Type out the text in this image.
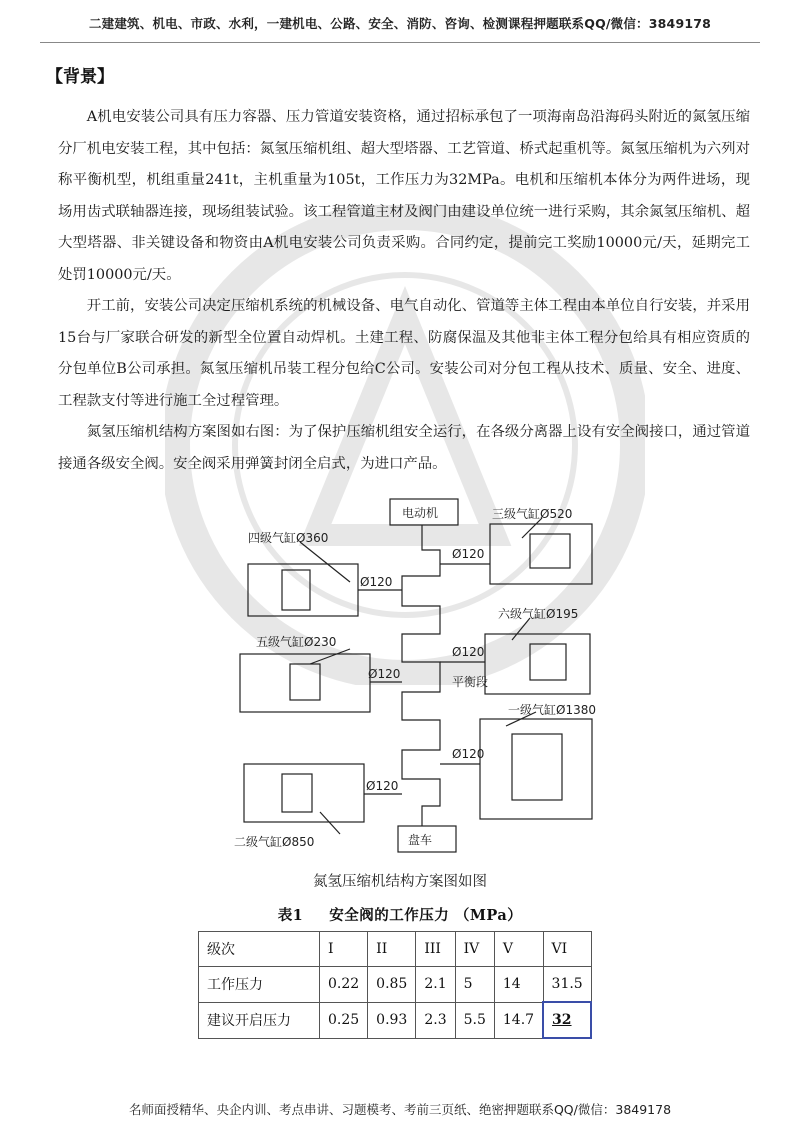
二建建筑、机电、市政、水利，一建机电、公路、安全、消防、咨询、检测课程押题联系QQ/微信：3849178
【背景】

A机电安装公司具有压力容器、压力管道安装资格，通过招标承包了一项海南岛沿海码头附近的氮氢压缩分厂机电安装工程，其中包括：氮氢压缩机组、超大型塔器、工艺管道、桥式起重机等。氮氢压缩机为六列对称平衡机型，机组重量241t，主机重量为105t，工作压力为32MPa。电机和压缩机本体分为两件进场，现场用齿式联轴器连接，现场组装试验。该工程管道主材及阀门由建设单位统一进行采购，其余氮氢压缩机、超大型塔器、非关键设备和物资由A机电安装公司负责采购。合同约定，提前完工奖励10000元/天，延期完工处罚10000元/天。

开工前，安装公司决定压缩机系统的机械设备、电气自动化、管道等主体工程由本单位自行安装，并采用15台与厂家联合研发的新型全位置自动焊机。土建工程、防腐保温及其他非主体工程分包给具有相应资质的分包单位B公司承担。氮氢压缩机吊装工程分包给C公司。安装公司对分包工程从技术、质量、安全、进度、工程款支付等进行施工全过程管理。

氮氢压缩机结构方案图如右图：为了保护压缩机组安全运行，在各级分离器上设有安全阀接口，通过管道接通各级安全阀。安全阀采用弹簧封闭全启式，为进口产品。

电动机
盘车
平衡段
四级气缸Ø360
五级气缸Ø230
二级气缸Ø850
三级气缸Ø520
六级气缸Ø195
一级气缸Ø1380
Ø120
Ø120
Ø120
Ø120
Ø120
Ø120
氮氢压缩机结构方案图如图
表1 安全阀的工作压力 （MPa）
级次	I	II	III	IV	V	VI
工作压力	0.22	0.85	2.1	5	14	31.5
建议开启压力	0.25	0.93	2.3	5.5	14.7	32
名师面授精华、央企内训、考点串讲、习题模考、考前三页纸、绝密押题联系QQ/微信：3849178
